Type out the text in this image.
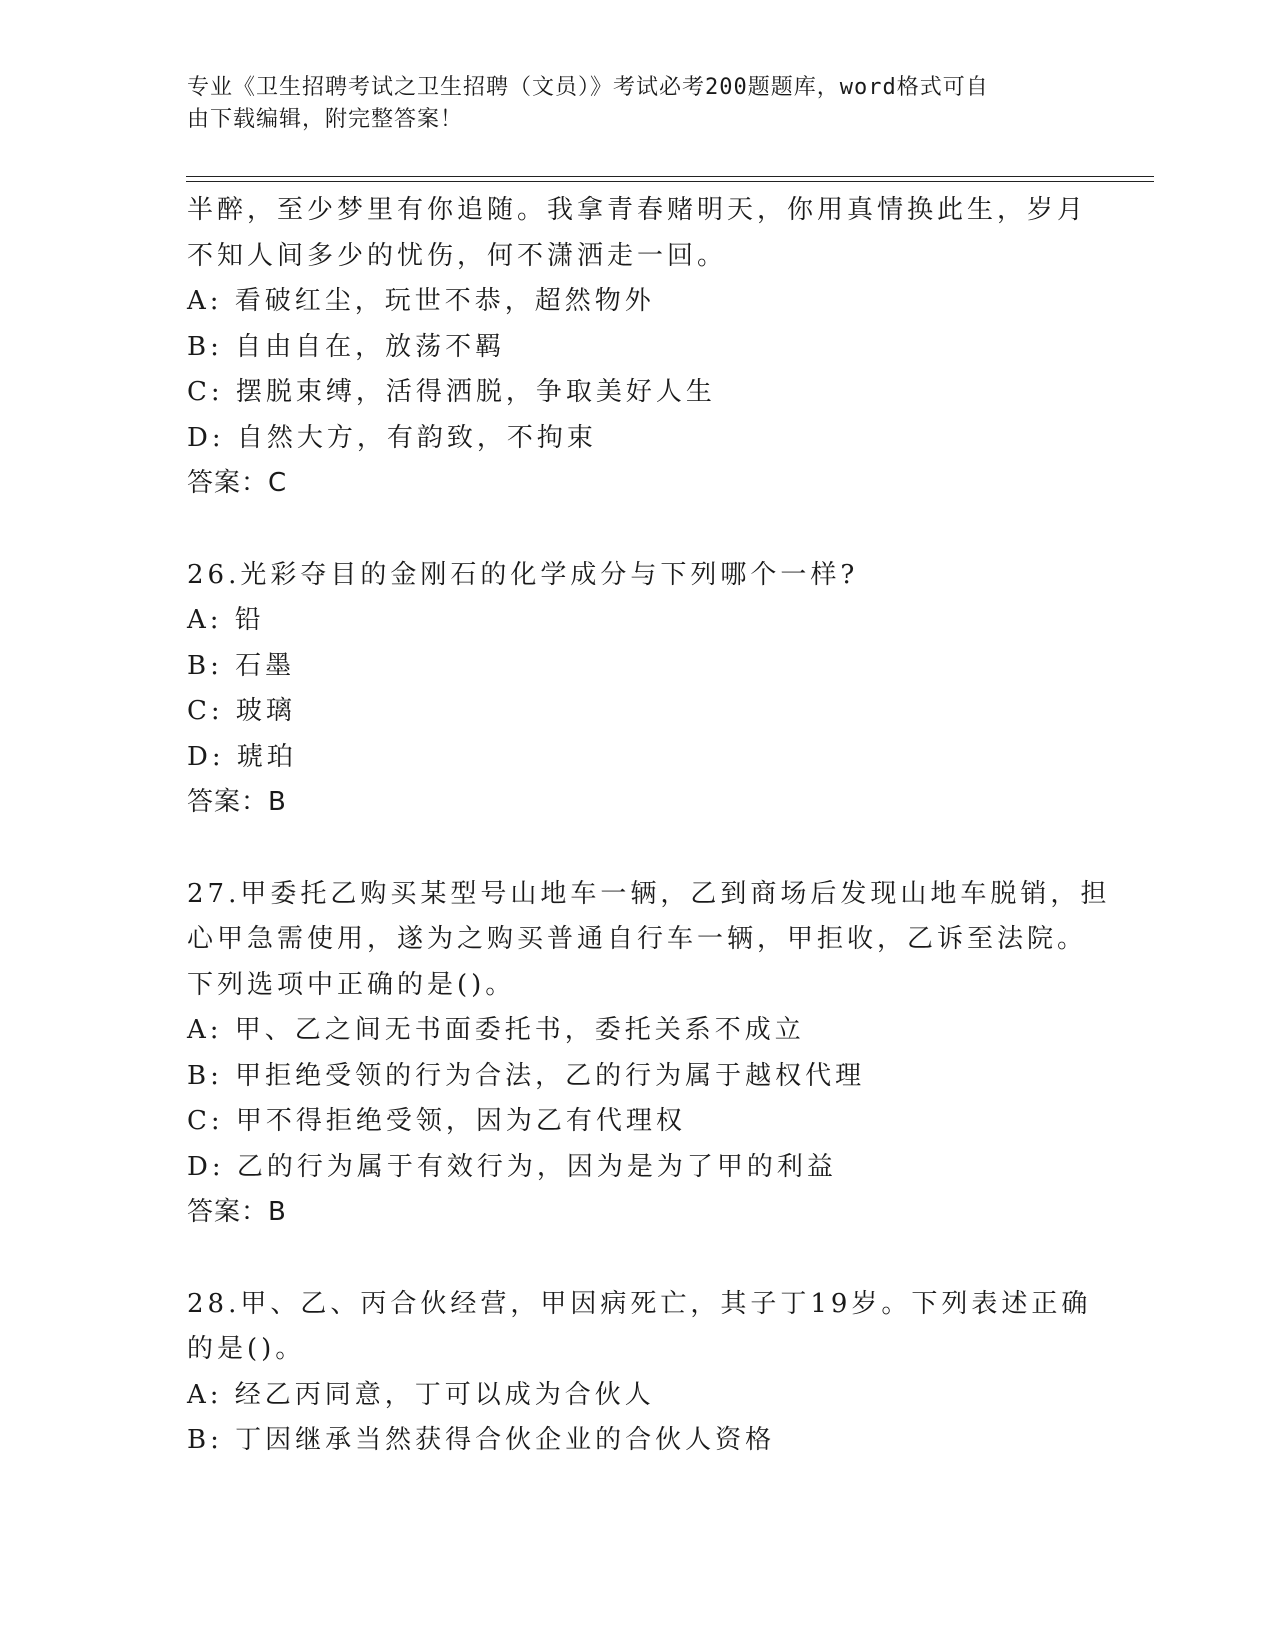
专业《卫生招聘考试之卫生招聘（文员）》考试必考200题题库，word格式可自
由下载编辑，附完整答案！
半醉，至少梦里有你追随。我拿青春赌明天，你用真情换此生，岁月
不知人间多少的忧伤，何不潇洒走一回。
A: 看破红尘，玩世不恭，超然物外
B: 自由自在，放荡不羁
C: 摆脱束缚，活得洒脱，争取美好人生
D: 自然大方，有韵致，不拘束
答案：C
26.光彩夺目的金刚石的化学成分与下列哪个一样?
A: 铅
B: 石墨
C: 玻璃
D: 琥珀
答案：B
27.甲委托乙购买某型号山地车一辆，乙到商场后发现山地车脱销，担
心甲急需使用，遂为之购买普通自行车一辆，甲拒收，乙诉至法院。
下列选项中正确的是()。
A: 甲、乙之间无书面委托书，委托关系不成立
B: 甲拒绝受领的行为合法，乙的行为属于越权代理
C: 甲不得拒绝受领，因为乙有代理权
D: 乙的行为属于有效行为，因为是为了甲的利益
答案：B
28.甲、乙、丙合伙经营，甲因病死亡，其子丁19岁。下列表述正确
的是()。
A: 经乙丙同意，丁可以成为合伙人
B: 丁因继承当然获得合伙企业的合伙人资格
